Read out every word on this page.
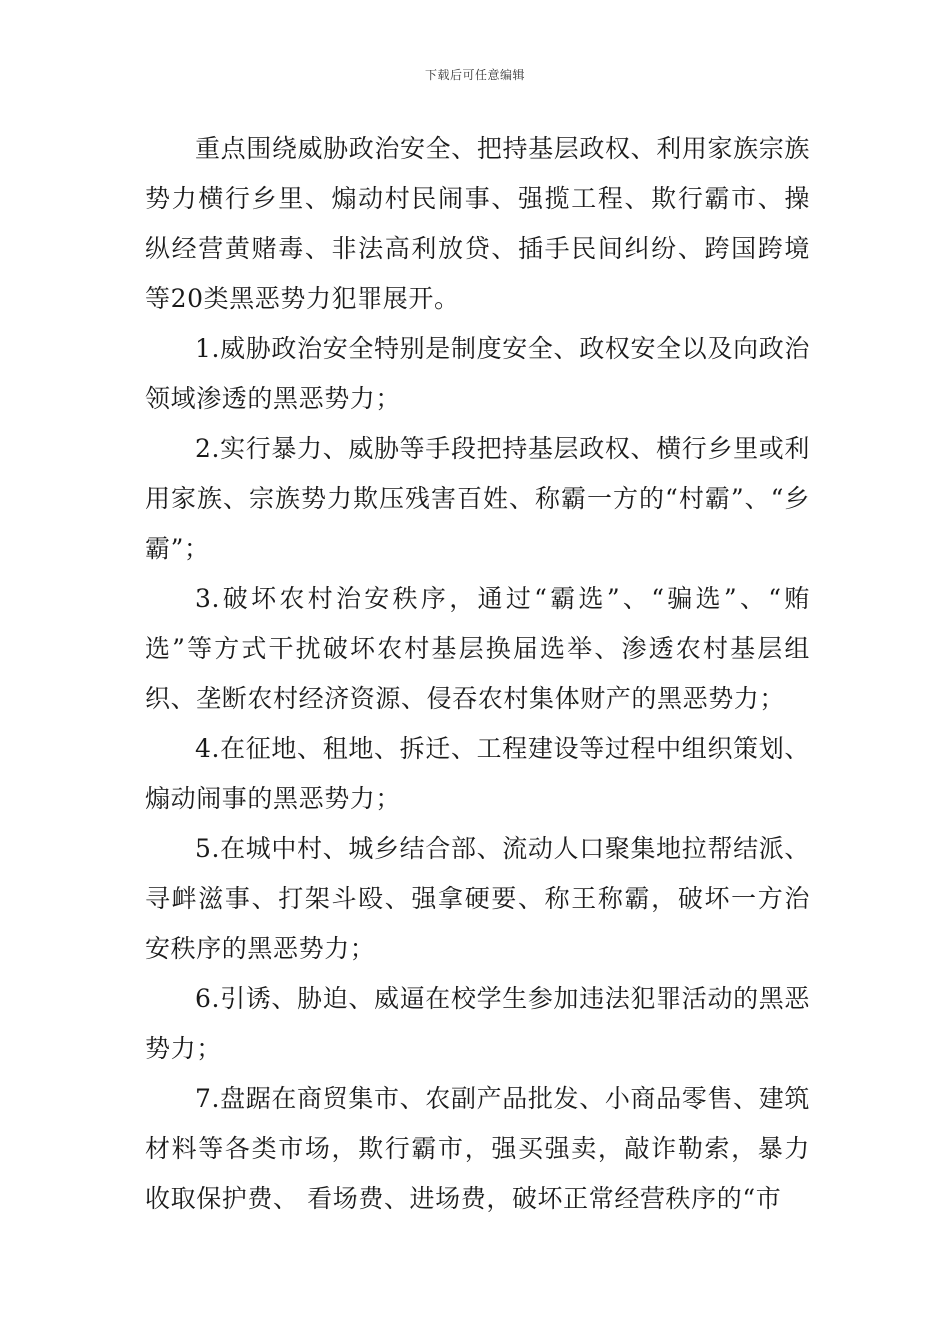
下载后可任意编辑

重点围绕威胁政治安全、把持基层政权、利用家族宗族势力横行乡里、煽动村民闹事、强揽工程、欺行霸市、操纵经营黄赌毒、非法高利放贷、插手民间纠纷、跨国跨境等20类黑恶势力犯罪展开。

1.威胁政治安全特别是制度安全、政权安全以及向政治领域渗透的黑恶势力；

2.实行暴力、威胁等手段把持基层政权、横行乡里或利用家族、宗族势力欺压残害百姓、称霸一方的“村霸”、“乡霸”；

3.破坏农村治安秩序，通过“霸选”、“骗选”、“贿选”等方式干扰破坏农村基层换届选举、渗透农村基层组织、垄断农村经济资源、侵吞农村集体财产的黑恶势力；

4.在征地、租地、拆迁、工程建设等过程中组织策划、煽动闹事的黑恶势力；

5.在城中村、城乡结合部、流动人口聚集地拉帮结派、寻衅滋事、打架斗殴、强拿硬要、称王称霸，破坏一方治安秩序的黑恶势力；

6.引诱、胁迫、威逼在校学生参加违法犯罪活动的黑恶势力；

7.盘踞在商贸集市、农副产品批发、小商品零售、建筑材料等各类市场，欺行霸市，强买强卖，敲诈勒索，暴力收取保护费、 看场费、进场费，破坏正常经营秩序的“市
